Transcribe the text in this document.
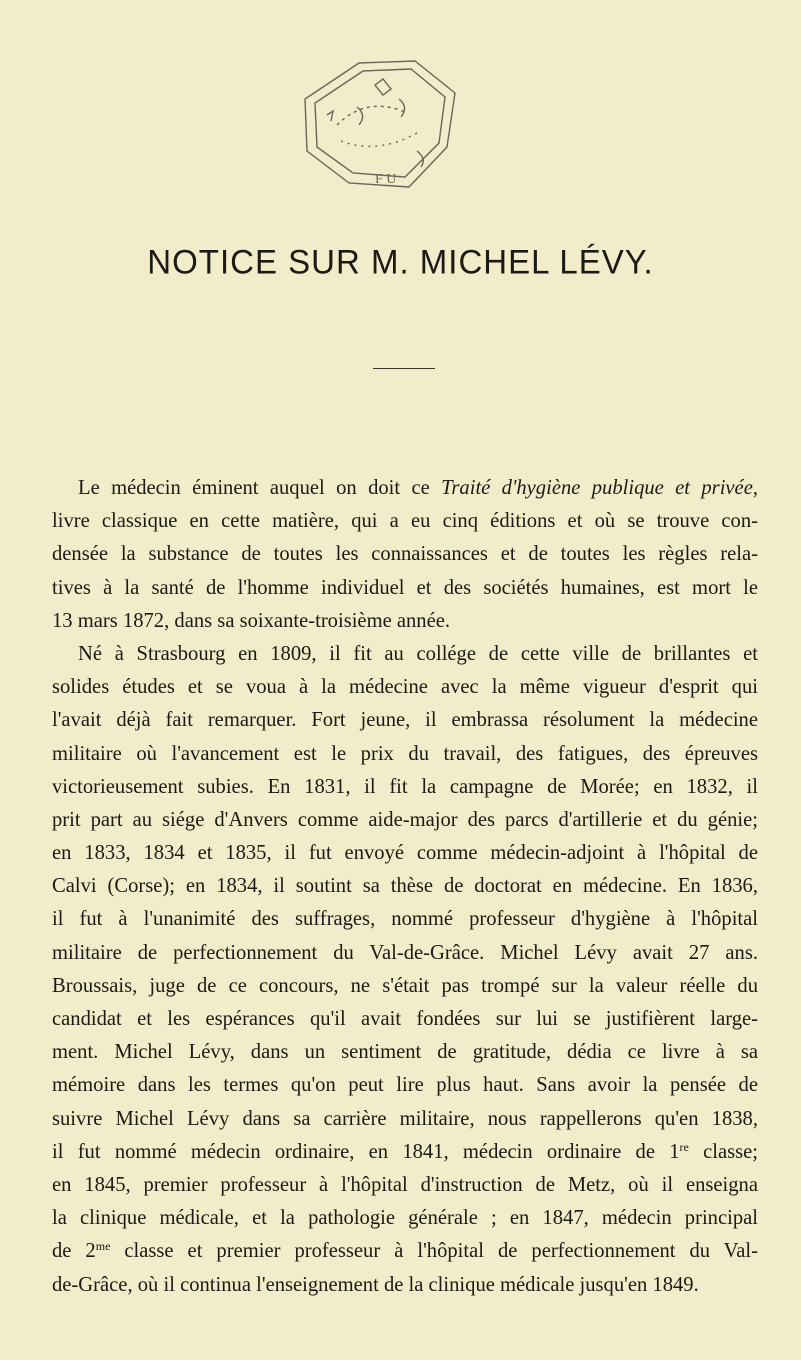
F U
NOTICE SUR M. MICHEL LÉVY.
Le médecin éminent auquel on doit ce Traité d'hygiène publique et privée,
livre classique en cette matière, qui a eu cinq éditions et où se trouve con-
densée la substance de toutes les connaissances et de toutes les règles rela-
tives à la santé de l'homme individuel et des sociétés humaines, est mort le
13 mars 1872, dans sa soixante-troisième année.
Né à Strasbourg en 1809, il fit au collége de cette ville de brillantes et
solides études et se voua à la médecine avec la même vigueur d'esprit qui
l'avait déjà fait remarquer. Fort jeune, il embrassa résolument la médecine
militaire où l'avancement est le prix du travail, des fatigues, des épreuves
victorieusement subies. En 1831, il fit la campagne de Morée; en 1832, il
prit part au siége d'Anvers comme aide-major des parcs d'artillerie et du génie;
en 1833, 1834 et 1835, il fut envoyé comme médecin-adjoint à l'hôpital de
Calvi (Corse); en 1834, il soutint sa thèse de doctorat en médecine. En 1836,
il fut à l'unanimité des suffrages, nommé professeur d'hygiène à l'hôpital
militaire de perfectionnement du Val-de-Grâce. Michel Lévy avait 27 ans.
Broussais, juge de ce concours, ne s'était pas trompé sur la valeur réelle du
candidat et les espérances qu'il avait fondées sur lui se justifièrent large-
ment. Michel Lévy, dans un sentiment de gratitude, dédia ce livre à sa
mémoire dans les termes qu'on peut lire plus haut. Sans avoir la pensée de
suivre Michel Lévy dans sa carrière militaire, nous rappellerons qu'en 1838,
il fut nommé médecin ordinaire, en 1841, médecin ordinaire de 1re classe;
en 1845, premier professeur à l'hôpital d'instruction de Metz, où il enseigna
la clinique médicale, et la pathologie générale ; en 1847, médecin principal
de $2^{me}$ classe et premier professeur à l'hôpital de perfectionnement du Val-
de-Grâce, où il continua l'enseignement de la clinique médicale jusqu'en 1849.
